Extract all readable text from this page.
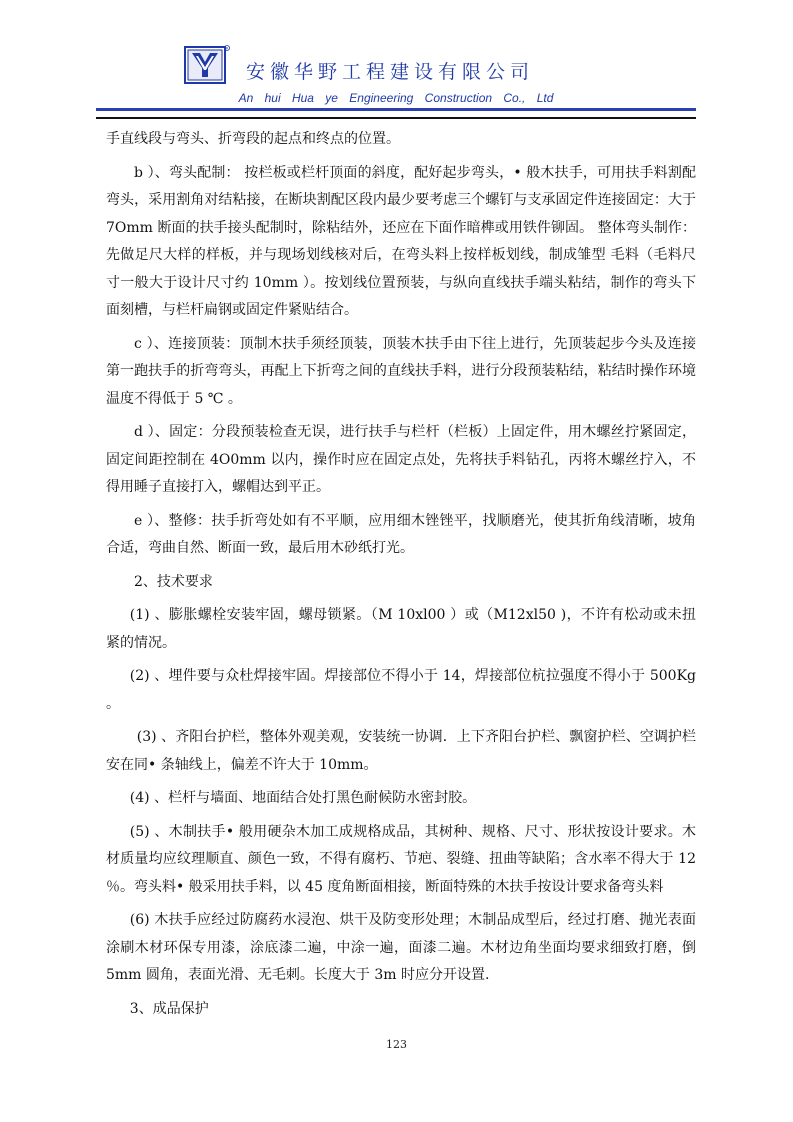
R
安徽华野工程建设有限公司
An hui Hua ye Engineering Construction Co., Ltd

手直线段与弯头、折弯段的起点和终点的位置。

b ）、弯头配制： 按栏板或栏杆顶面的斜度，配好起步弯头，• 般木扶手，可用扶手料割配弯头，采用割角对结粘接，在断块割配区段内最少要考虑三个螺钉与支承固定件连接固定：大于 7Omm 断面的扶手接头配制时，除粘结外，还应在下面作暗榫或用铁件铆固。 整体弯头制作：先做足尺大样的样板，并与现场划线核对后，在弯头料上按样板划线，制成雏型 毛料（毛料尺寸一般大于设计尺寸约 10mm ）。按划线位置预装，与纵向直线扶手端头粘结，制作的弯头下面刻槽，与栏杆扁钢或固定件紧贴结合。

c ）、连接顶装：顶制木扶手须经顶装，顶装木扶手由下往上进行，先顶装起步今头及连接第一跑扶手的折弯弯头，再配上下折弯之间的直线扶手料，进行分段预装粘结，粘结时操作环境温度不得低于 5 ℃ 。

d ）、固定：分段预装检查无误，进行扶手与栏杆（栏板）上固定件，用木螺丝拧紧固定，固定间距控制在 4O0mm 以内，操作时应在固定点处，先将扶手料钻孔，丙将木螺丝拧入，不得用睡子直接打入，螺帽达到平正。

e ）、整修：扶手折弯处如有不平顺，应用细木锉锉平，找顺磨光，使其折角线清晰，坡角合适，弯曲自然、断面一致，最后用木砂纸打光。

2、技术要求

(1) 、膨胀螺栓安装牢固，螺母锁紧。（M 10xl00 ）或（M12xl50 )，不许有松动或未扭紧的情况。

(2) 、埋件要与众杜焊接牢固。焊接部位不得小于 14，焊接部位杭拉强度不得小于 500Kg 。

(3) 、齐阳台护栏，整体外观美观，安装统一协调．上下齐阳台护栏、飘窗护栏、空调护栏安在同• 条轴线上，偏差不许大于 10mm。

(4) 、栏杆与墙面、地面结合处打黑色耐候防水密封胶。

(5) 、木制扶手• 般用硬杂木加工成规格成品，其树种、规格、尺寸、形状按设计要求。木材质量均应纹理顺直、颜色一致，不得有腐朽、节疤、裂缝、扭曲等缺陷；含水率不得大于 12 ％。弯头料• 般采用扶手料，以 45 度角断面相接，断面特殊的木扶手按设计要求备弯头料

(6) 木扶手应经过防腐药水浸泡、烘干及防变形处理；木制品成型后，经过打磨、抛光表面涂刷木材环保专用漆，涂底漆二遍，中涂一遍，面漆二遍。木材边角坐面均要求细致打磨，倒 5mm 圆角，表面光滑、无毛刺。长度大于 3m 时应分开设置.

3、成品保护

123
